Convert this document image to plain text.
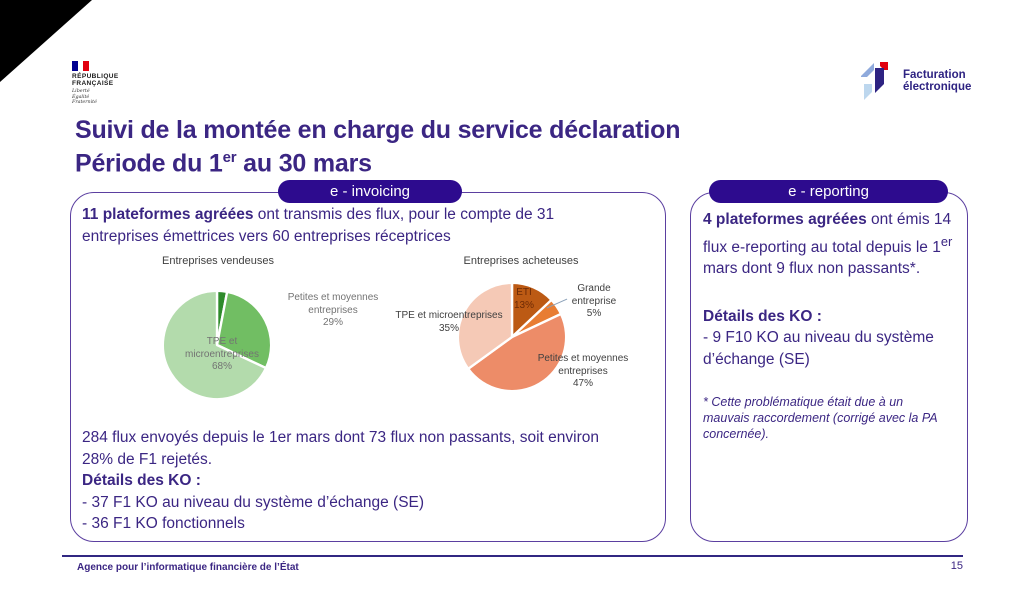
RÉPUBLIQUE
FRANÇAISE
Liberté
Égalité
Fraternité
Facturation
électronique
Suivi de la montée en charge du service déclaration
Période du 1er au 30 mars
e - invoicing
11 plateformes agréées ont transmis des flux, pour le compte de 31 entreprises émettrices vers 60 entreprises réceptrices
Entreprises vendeuses
TPE et microentreprises
68%
Petites et moyennes entreprises
29%
Entreprises acheteuses
ETI
13%
Grande entreprise
5%
Petites et moyennes entreprises
47%
TPE et microentreprises
35%
284 flux envoyés depuis le 1er mars dont 73 flux non passants, soit environ 28% de F1 rejetés.
Détails des KO :
- 37 F1 KO au niveau du système d’échange (SE)
- 36 F1 KO fonctionnels
e - reporting
4 plateformes agréées ont émis 14 flux e-reporting au total depuis le 1er mars dont 9 flux non passants*.
Détails des KO :
- 9 F10 KO au niveau du système d’échange (SE)
* Cette problématique était due à un mauvais raccordement (corrigé avec la PA concernée).
Agence pour l’informatique financière de l’État	15
